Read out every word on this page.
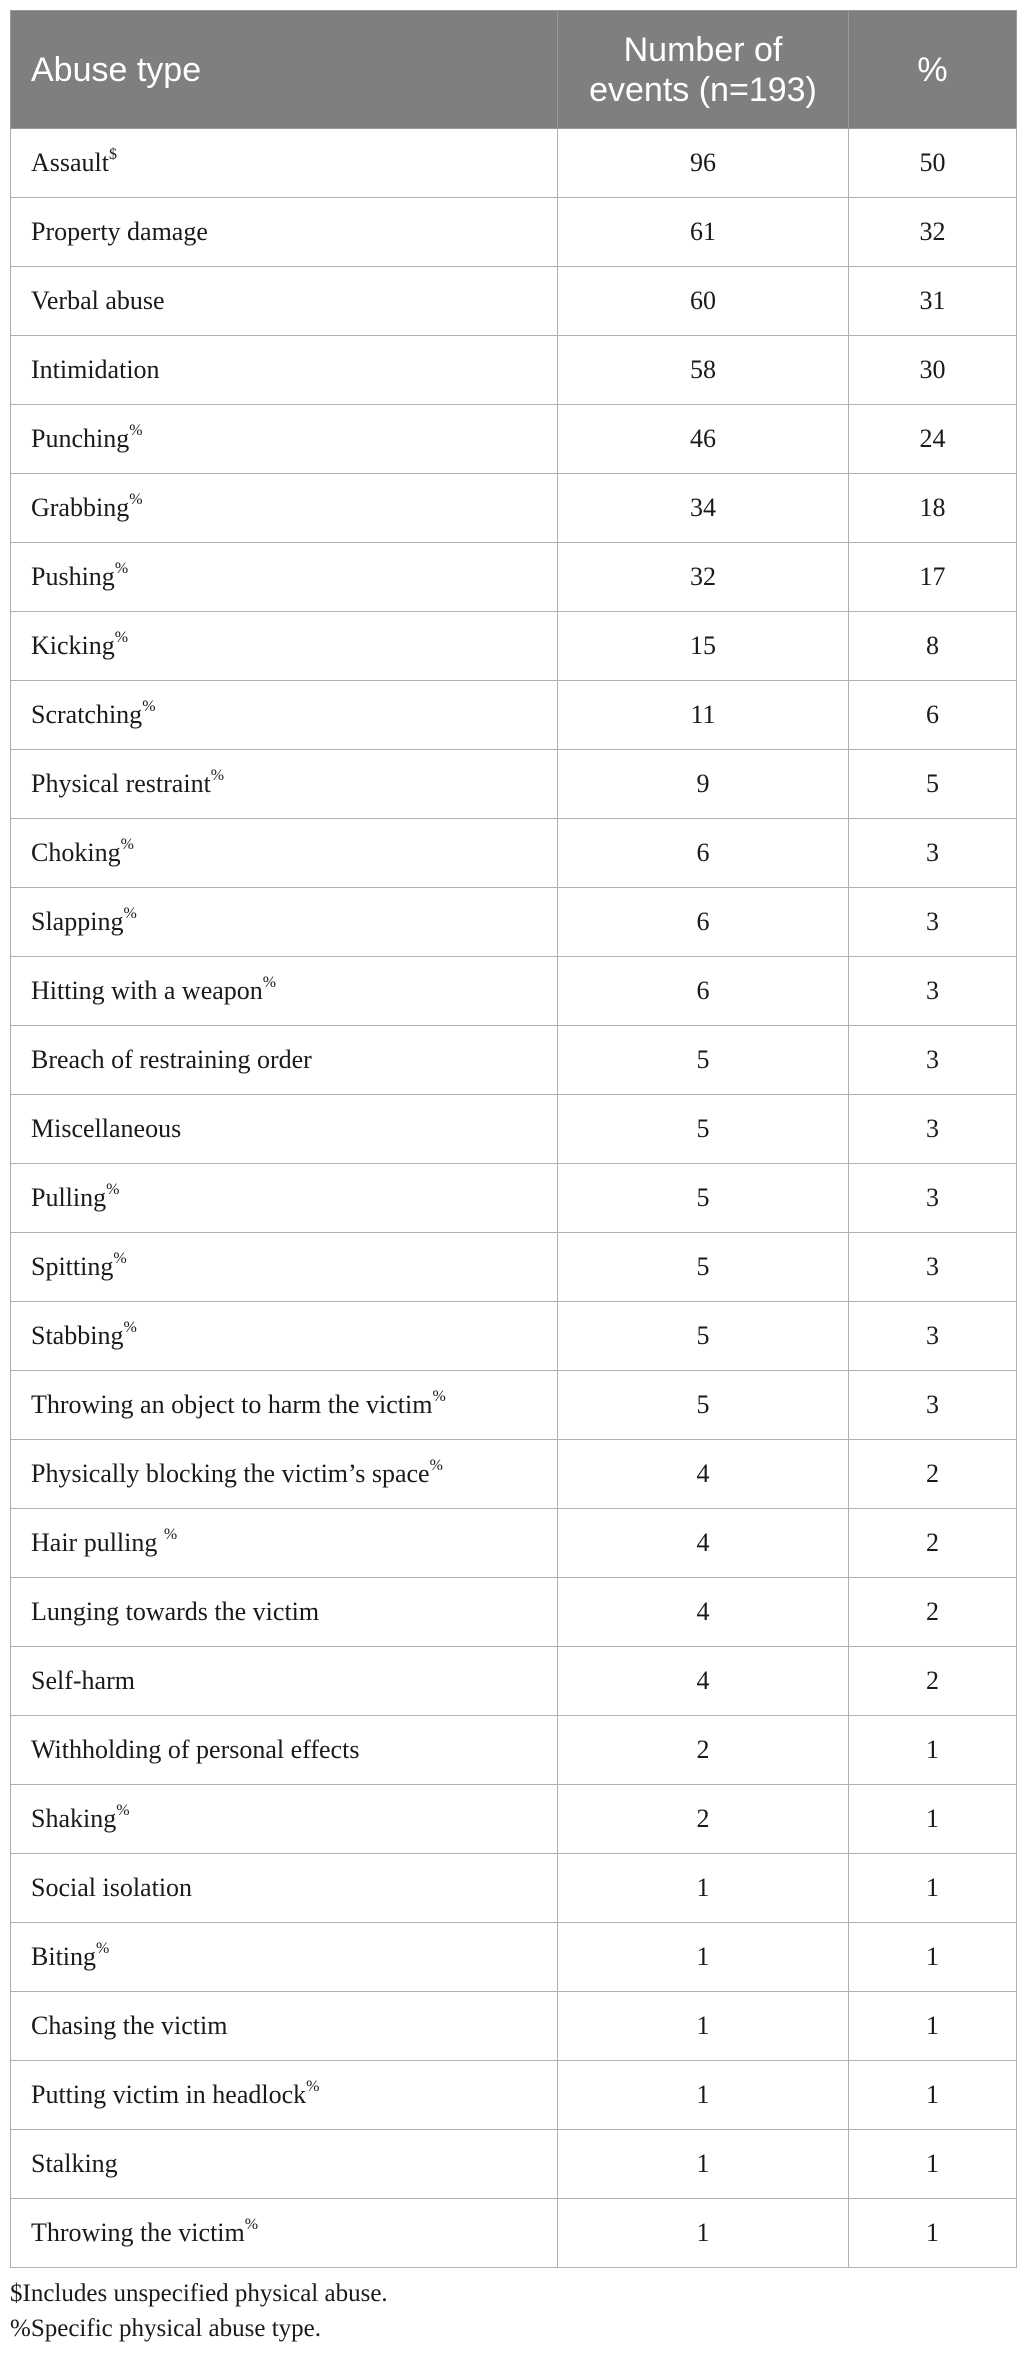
Abuse type	Number of events (n=193)	%
Assault$	96	50
Property damage	61	32
Verbal abuse	60	31
Intimidation	58	30
Punching%	46	24
Grabbing%	34	18
Pushing%	32	17
Kicking%	15	8
Scratching%	11	6
Physical restraint%	9	5
Choking%	6	3
Slapping%	6	3
Hitting with a weapon%	6	3
Breach of restraining order	5	3
Miscellaneous	5	3
Pulling%	5	3
Spitting%	5	3
Stabbing%	5	3
Throwing an object to harm the victim%	5	3
Physically blocking the victim’s space%	4	2
Hair pulling %	4	2
Lunging towards the victim	4	2
Self-harm	4	2
Withholding of personal effects	2	1
Shaking%	2	1
Social isolation	1	1
Biting%	1	1
Chasing the victim	1	1
Putting victim in headlock%	1	1
Stalking	1	1
Throwing the victim%	1	1
$Includes unspecified physical abuse.
%Specific physical abuse type.
